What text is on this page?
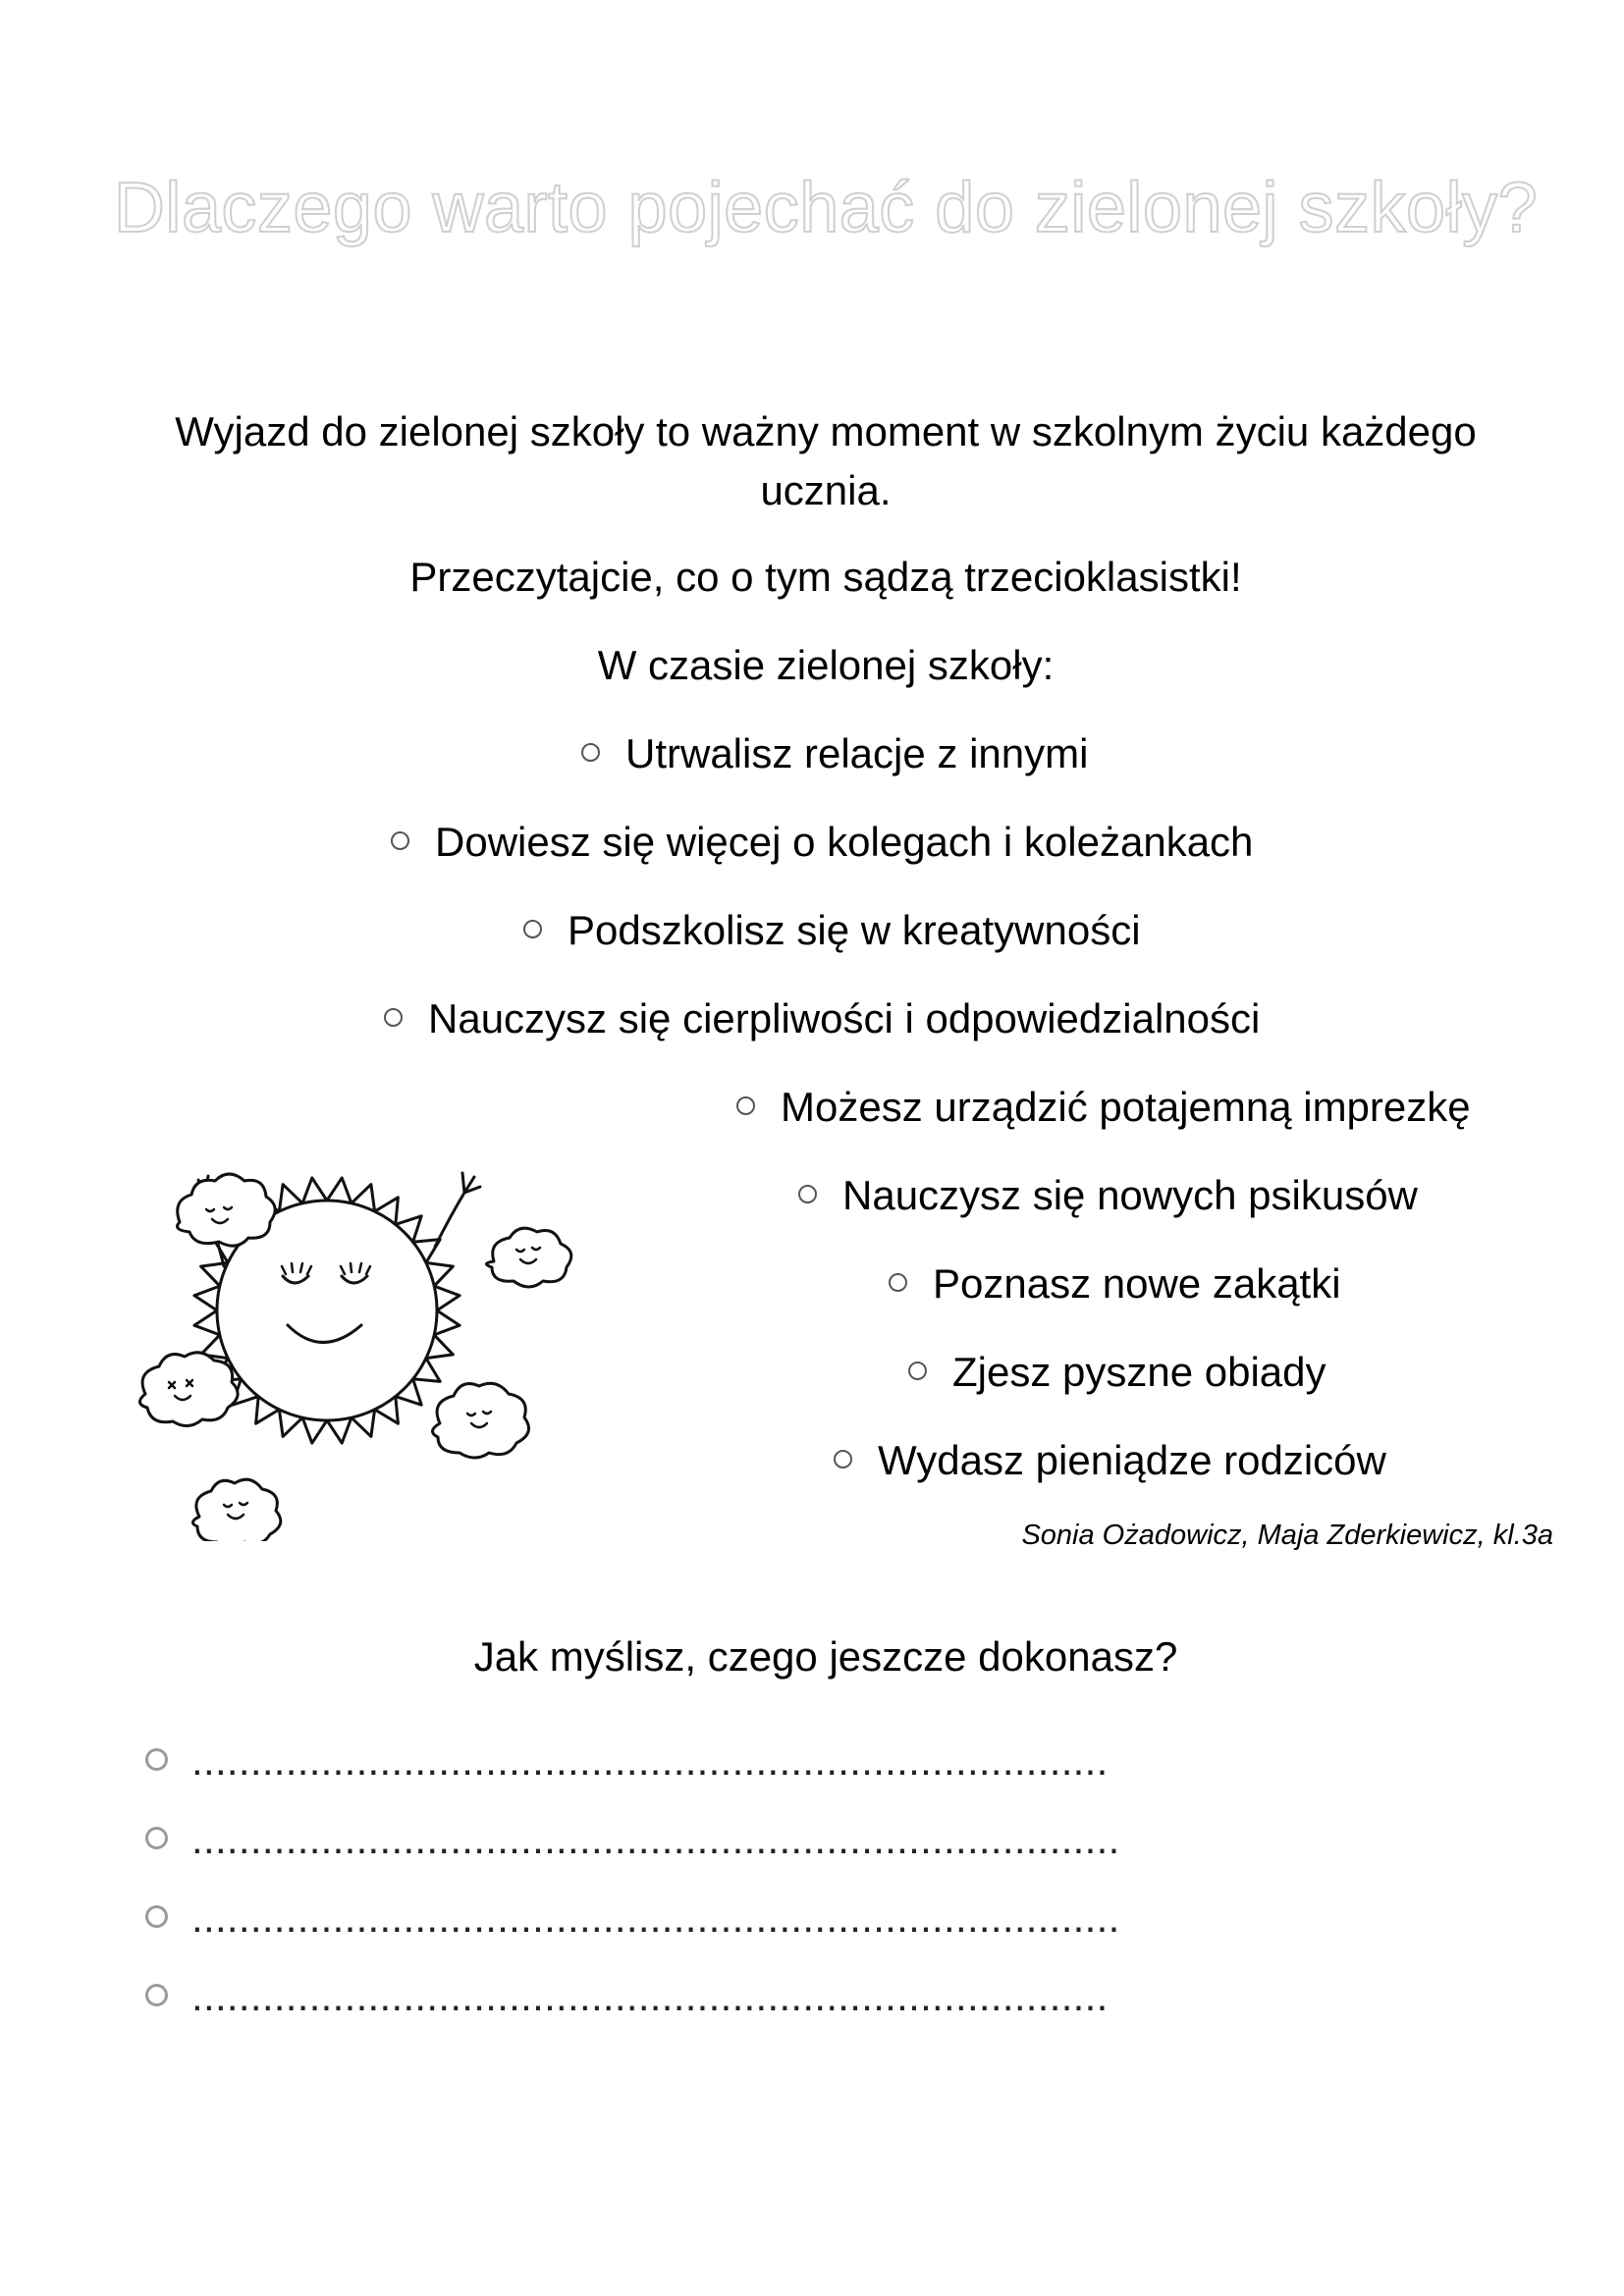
Dlaczego warto pojechać do zielonej szkoły?
Wyjazd do zielonej szkoły to ważny moment w szkolnym życiu każdego ucznia.
Przeczytajcie, co o tym sądzą trzecioklasistki!
W czasie zielonej szkoły:
Utrwalisz relacje z innymi
Dowiesz się więcej o kolegach i koleżankach
Podszkolisz się w kreatywności
Nauczysz się cierpliwości i odpowiedzialności
Możesz urządzić potajemną imprezkę
Nauczysz się nowych psikusów
Poznasz nowe zakątki
Zjesz pyszne obiady
Wydasz pieniądze rodziców
Sonia Ożadowicz, Maja Zderkiewicz, kl.3a
Jak myślisz, czego jeszcze dokonasz?
..............................................................................
...............................................................................
...............................................................................
..............................................................................
